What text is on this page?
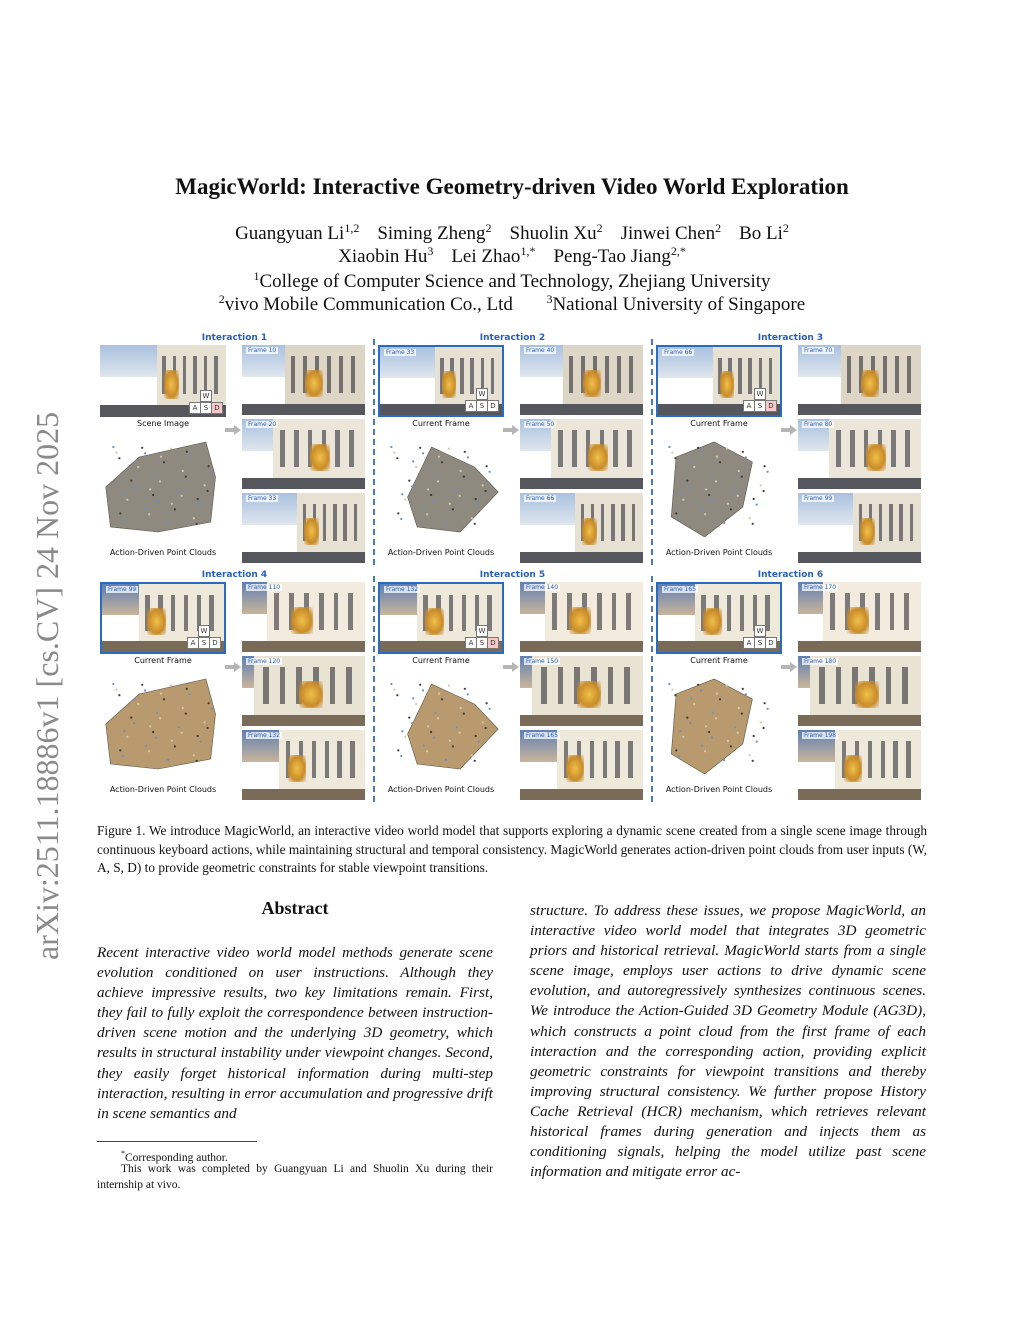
arXiv:2511.18886v1 [cs.CV] 24 Nov 2025
MagicWorld: Interactive Geometry-driven Video World Exploration
Guangyuan Li$^{1,2}$ Siming Zheng$^2$ Shuolin Xu$^2$ Jinwei Chen$^2$ Bo Li$^2$
Xiaobin Hu$^3$ Lei Zhao$^{1,*}$ Peng-Tao Jiang$^{2,*}$
$^1$College of Computer Science and Technology, Zhejiang University
$^2$vivo Mobile Communication Co., Ltd	$^3$National University of Singapore
Interaction 1
W
A S D
Scene Image
Action-Driven Point Clouds
Frame 10
Frame 20
Frame 33
Interaction 2
Frame 33
W
A S D
Current Frame
Action-Driven Point Clouds
Frame 40
Frame 50
Frame 66
Interaction 3
Frame 66
W
A S D
Current Frame
Action-Driven Point Clouds
Frame 70
Frame 80
Frame 99
Interaction 4
Frame 99
W
A S D
Current Frame
Action-Driven Point Clouds
Frame 110
Frame 120
Frame 132
Interaction 5
Frame 132
W
A S D
Current Frame
Action-Driven Point Clouds
Frame 140
Frame 150
Frame 165
Interaction 6
Frame 165
W
A S D
Current Frame
Action-Driven Point Clouds
Frame 170
Frame 180
Frame 198
Figure 1. We introduce MagicWorld, an interactive video world model that supports exploring a dynamic scene created from a single scene image through continuous keyboard actions, while maintaining structural and temporal consistency. MagicWorld generates action-driven point clouds from user inputs (W, A, S, D) to provide geometric constraints for stable viewpoint transitions.
Abstract

Recent interactive video world model methods generate scene evolution conditioned on user instructions. Although they achieve impressive results, two key limitations remain. First, they fail to fully exploit the correspondence between instruction-driven scene motion and the underlying 3D geometry, which results in structural instability under viewpoint changes. Second, they easily forget historical information during multi-step interaction, resulting in error accumulation and progressive drift in scene semantics and

structure. To address these issues, we propose MagicWorld, an interactive video world model that integrates 3D geometric priors and historical retrieval. MagicWorld starts from a single scene image, employs user actions to drive dynamic scene evolution, and autoregressively synthesizes continuous scenes. We introduce the Action-Guided 3D Geometry Module (AG3D), which constructs a point cloud from the first frame of each interaction and the corresponding action, providing explicit geometric constraints for viewpoint transitions and thereby improving structural consistency. We further propose History Cache Retrieval (HCR) mechanism, which retrieves relevant historical frames during generation and injects them as conditioning signals, helping the model utilize past scene information and mitigate error ac-

*Corresponding author.
This work was completed by Guangyuan Li and Shuolin Xu during their internship at vivo.
